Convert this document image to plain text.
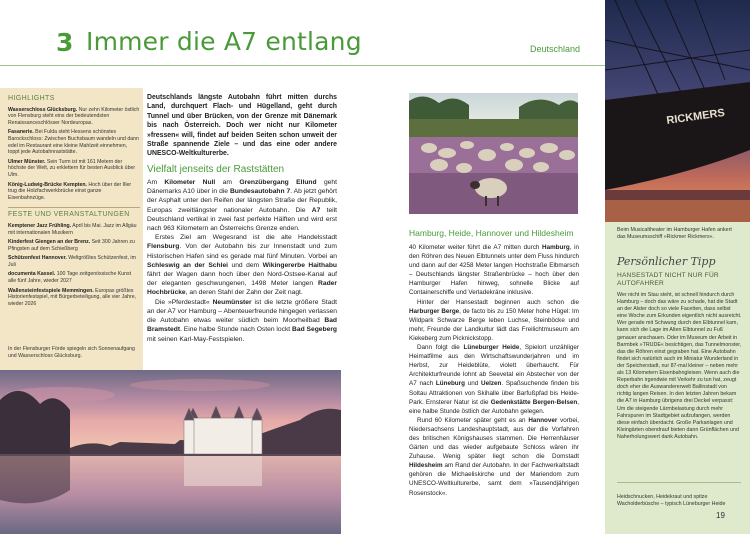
3 Immer die A7 entlang	Deutschland
HIGHLIGHTS
Wasserschloss Glücksburg. Nur zehn Kilometer östlich von Flensburg steht eins der bedeutendsten Renaissanceschlösser Nordeuropas.
Fasanerie. Bei Fulda steht Hessens schönstes Barockschloss: Zwischen Buchsbaum wandeln und dann edel im Restaurant eine kleine Mahlzeit einnehmen, toppt jede Autobahnraststätte.
Ulmer Münster. Sein Turm ist mit 161 Metern der höchste der Welt, zu erklettern für besten Ausblick über Ulm.
König-Ludwig-Brücke Kempten. Hoch über der Iller trug die Holzfachwerkbrücke einst ganze Eisenbahnzüge.
FESTE UND VERANSTALTUNGEN
Kemptener Jazz Frühling. April bis Mai. Jazz im Allgäu mit internationalen Musikern
Kinderfest Giengen an der Brenz. Seit 300 Jahren zu Pfingsten auf dem Schießberg
Schützenfest Hannover. Weltgrößtes Schützenfest, im Juli
documenta Kassel. 100 Tage zeitgenössische Kunst alle fünf Jahre, wieder 2027
Wallensteinfestspiele Memmingen. Europas größtes Historienfestspiel, mit Bürgerbeteiligung, alle vier Jahre, wieder 2026
In der Flensburger Förde spiegeln sich Sonnenaufgang und Wasserschloss Glücksburg.

Deutschlands längste Autobahn führt mitten durchs Land, durchquert Flach- und Hügelland, geht durch Tunnel und über Brücken, von der Grenze mit Dänemark bis nach Österreich. Doch wer nicht nur Kilometer »fressen« will, findet auf beiden Seiten schon unweit der Straße spannende Ziele – und das eine oder andere UNESCO-Weltkulturerbe.

Vielfalt jenseits der Raststätten

Am Kilometer Null am Grenzübergang Ellund geht Dänemarks A10 über in die Bundesautobahn 7. Ab jetzt gehört der Asphalt unter den Reifen der längsten Straße der Republik, Europas zweitlängster nationaler Autobahn. Die A7 teilt Deutschland vertikal in zwei fast perfekte Hälften und wird erst nach 963 Kilometern an Österreichs Grenze enden.

Erstes Ziel am Wegesrand ist die alte Handelsstadt Flensburg. Von der Autobahn bis zur Innenstadt und zum Historischen Hafen sind es gerade mal fünf Minuten. Vorbei an Schleswig an der Schlei und dem Wikingererbe Haithabu fährt der Wagen dann hoch über den Nord-Ostsee-Kanal auf der eleganten geschwungenen, 1498 Meter langen Rader Hochbrücke, an deren Stahl der Zahn der Zeit nagt.

Die »Pferdestadt« Neumünster ist die letzte größere Stadt an der A7 vor Hamburg – Abenteuerfreunde hingegen verlassen die Autobahn etwas weiter südlich beim Moorheilbad Bad Bramstedt. Eine halbe Stunde nach Osten lockt Bad Segeberg mit seinen Karl-May-Festspielen.

Hamburg, Heide, Hannover und Hildesheim

40 Kilometer weiter führt die A7 mitten durch Hamburg, in den Röhren des Neuen Elbtunnels unter dem Fluss hindurch und dann auf der 4258 Meter langen Hochstraße Elbmarsch – Deutschlands längster Straßenbrücke – hoch über den Hamburger Hafen hinweg, sohnelle Blicke auf Containerschiffe und Verladekräne inklusive.

Hinter der Hansestadt beginnen auch schon die Harburger Berge, de facto bis zu 150 Meter hohe Hügel: Im Wildpark Schwarze Berge leben Luchse, Steinböcke und mehr, Freunde der Landkultur lädt das Freilichtmuseum am Kiekeberg zum Picknickstopp.

Dann folgt die Lüneburger Heide, Spielort unzähliger Heimatfilme aus den Wirtschaftswunderjahren und im Herbst, zur Heideblüte, violett überhaucht. Für Architekturfreunde lohnt ab Seevetal ein Abstecher von der A7 nach Lüneburg und Uelzen. Spaßsuchende finden bis Soltau Attraktionen von Skihalle über Barfußpfad bis Heide-Park. Ernsterer Natur ist die Gedenkstätte Bergen-Belsen, eine halbe Stunde östlich der Autobahn gelegen.

Rund 60 Kilometer später geht es an Hannover vorbei, Niedersachsens Landeshauptstadt, aus der die Vorfahren des britischen Königshauses stammen. Die Herrenhäuser Gärten und das wieder aufgebaute Schloss wären ihr Zuhause. Wenig später liegt schon die Domstadt Hildesheim am Rand der Autobahn. In der Fachwerkaltstadt gehören die Michaeliskirche und der Mariendom zum UNESCO-Weltkulturerbe, samt dem »Tausendjährigen Rosenstock«.

RICKMERS
Beim Musicaltheater im Hamburger Hafen ankert das Museumsschiff »Rickmer Rickmers«.
Persönlicher Tipp
HANSESTADT NICHT NUR FÜR AUTOFAHRER
Wer nicht im Stau steht, ist schnell hindurch durch Hamburg – doch das wäre zu schade, hat die Stadt an der Alster doch so viele Facetten, dass selbst eine Woche zum Erkunden eigentlich nicht ausreicht. Wer gerade mit Schwung durch den Elbtunnel kam, kann sich die Lage im Alten Elbtunnel zu Fuß genauer anschauen. Oder im Museum der Arbeit in Barmbek »TRUDE« besichtigen, das Tunnelmonster, das die Röhren einst gegraben hat. Eine Autobahn findet sich natürlich auch im Miniatur Wunderland in der Speicherstadt, nur 87-mal kleiner – neben mehr als 13 Kilometern Eisenbahngleisen. Wenn auch die Reperbahn irgendwie mit Verkehr zu tun hat, zeugt doch eher die Auswandererwelt Ballinstadt von richtig langen Reisen. In den letzten Jahren bekam die A7 in Hamburg übrigens drei Deckel verpasst: Um die steigende Lärmbelastung durch mehr Fahrspuren im Stadtgebiet aufzufangen, werden diese einfach überdacht. Große Parkanlagen und Kleingärten obendrauf bieten dann Grünflächen und Naherholungswert dank Autobahn.
Heidschnucken, Heidekraut und spitze Wacholderbüsche – typisch Lüneburger Heide
19
